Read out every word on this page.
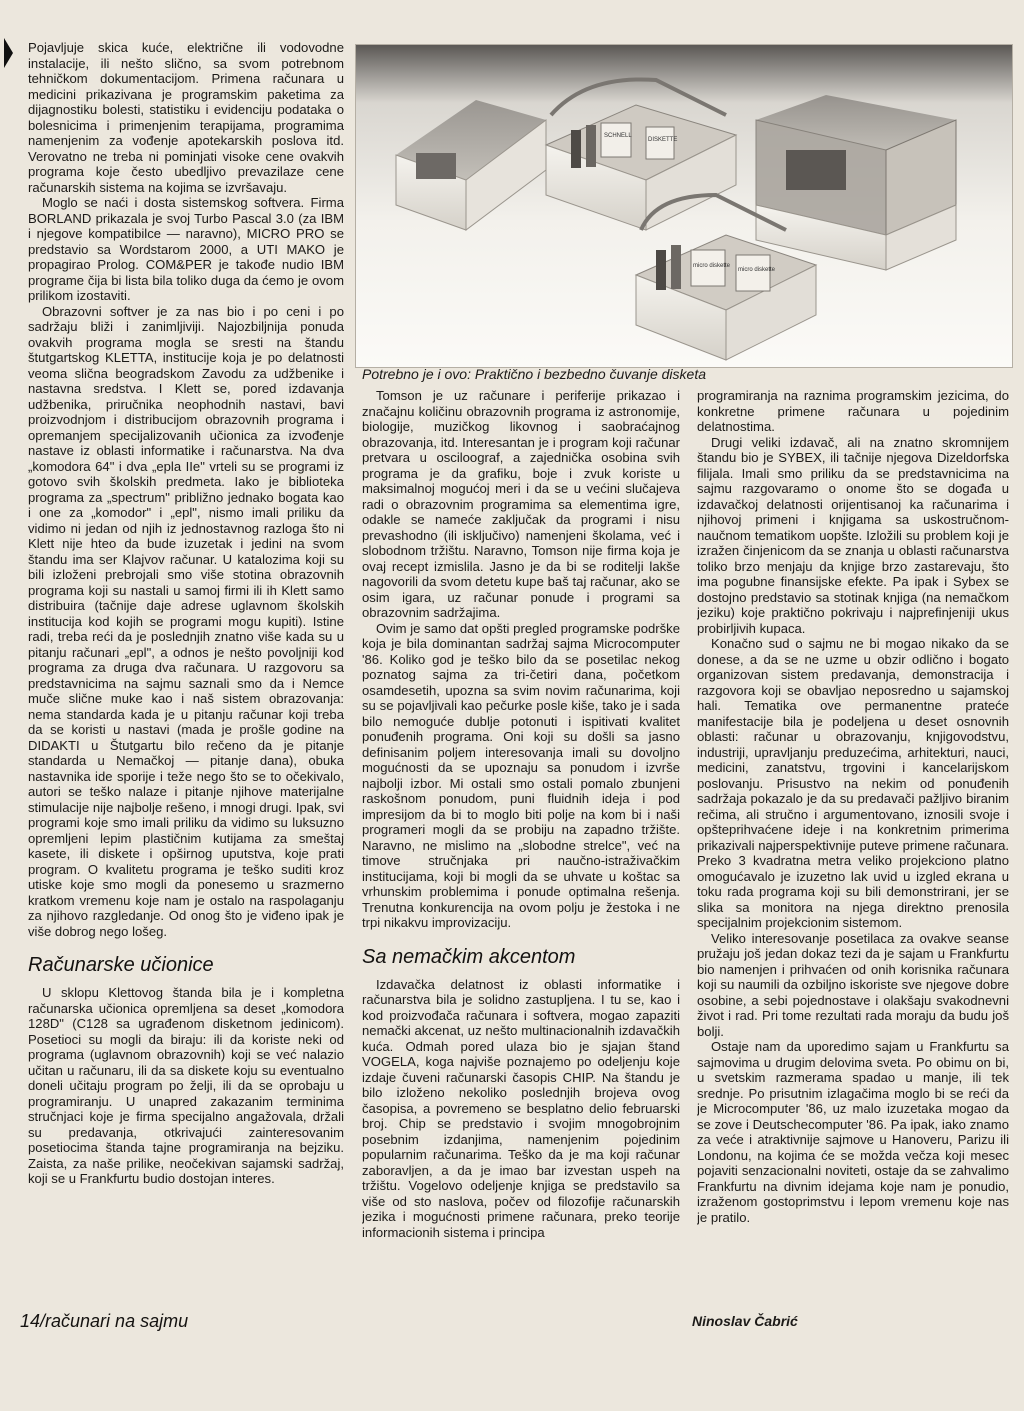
Pojavljuje skica kuće, električne ili vodovodne instalacije, ili nešto slično, sa svom potrebnom tehničkom dokumentacijom. Primena računara u medicini prikazivana je programskim paketima za dijagnostiku bolesti, statistiku i evidenciju podataka o bolesnicima i primenjenim terapijama, programima namenjenim za vođenje apotekarskih poslova itd. Verovatno ne treba ni pominjati visoke cene ovakvih programa koje često ubedljivo prevazilaze cene računarskih sistema na kojima se izvršavaju.

Moglo se naći i dosta sistemskog softvera. Firma BORLAND prikazala je svoj Turbo Pascal 3.0 (za IBM i njegove kompatibilce — naravno), MICRO PRO se predstavio sa Wordstarom 2000, a UTI MAKO je propagirao Prolog. COM&PER je takođe nudio IBM programe čija bi lista bila toliko duga da ćemo je ovom prilikom izostaviti.

Obrazovni softver je za nas bio i po ceni i po sadržaju bliži i zanimljiviji. Najozbiljnija ponuda ovakvih programa mogla se sresti na štandu štutgartskog KLETTA, institucije koja je po delatnosti veoma slična beogradskom Zavodu za udžbenike i nastavna sredstva. I Klett se, pored izdavanja udžbenika, priručnika neophodnih nastavi, bavi proizvodnjom i distribucijom obrazovnih programa i opremanjem specijalizovanih učionica za izvođenje nastave iz oblasti informatike i računarstva. Na dva „komodora 64" i dva „epla IIe" vrteli su se programi iz gotovo svih školskih predmeta. Iako je biblioteka programa za „spectrum" približno jednako bogata kao i one za „komodor" i „epl", nismo imali priliku da vidimo ni jedan od njih iz jednostavnog razloga što ni Klett nije hteo da bude izuzetak i jedini na svom štandu ima ser Klajvov računar. U katalozima koji su bili izloženi prebrojali smo više stotina obrazovnih programa koji su nastali u samoj firmi ili ih Klett samo distribuira (tačnije daje adrese uglavnom školskih institucija kod kojih se programi mogu kupiti). Istine radi, treba reći da je poslednjih znatno više kada su u pitanju računari „epl", a odnos je nešto povoljniji kod programa za druga dva računara. U razgovoru sa predstavnicima na sajmu saznali smo da i Nemce muče slične muke kao i naš sistem obrazovanja: nema standarda kada je u pitanju računar koji treba da se koristi u nastavi (mada je prošle godine na DIDAKTI u Štutgartu bilo rečeno da je pitanje standarda u Nemačkoj — pitanje dana), obuka nastavnika ide sporije i teže nego što se to očekivalo, autori se teško nalaze i pitanje njihove materijalne stimulacije nije najbolje rešeno, i mnogi drugi. Ipak, svi programi koje smo imali priliku da vidimo su luksuzno opremljeni lepim plastičnim kutijama za smeštaj kasete, ili diskete i opširnog uputstva, koje prati program. O kvalitetu programa je teško suditi kroz utiske koje smo mogli da ponesemo u srazmerno kratkom vremenu koje nam je ostalo na raspolaganju za njihovo razgledanje. Od onog što je viđeno ipak je više dobrog nego lošeg.

Računarske učionice

U sklopu Klettovog štanda bila je i kompletna računarska učionica opremljena sa deset „komodora 128D" (C128 sa ugrađenom disketnom jedinicom). Posetioci su mogli da biraju: ili da koriste neki od programa (uglavnom obrazovnih) koji se već nalazio učitan u računaru, ili da sa diskete koju su eventualno doneli učitaju program po želji, ili da se oprobaju u programiranju. U unapred zakazanim terminima stručnjaci koje je firma specijalno angažovala, držali su predavanja, otkrivajući zainteresovanim posetiocima štanda tajne programiranja na bejziku. Zaista, za naše prilike, neočekivan sajamski sadržaj, koji se u Frankfurtu budio dostojan interes.

SCHNELL
DISKETTE
micro diskette
micro diskette
Potrebno je i ovo: Praktično i bezbedno čuvanje disketa

Tomson je uz računare i periferije prikazao i značajnu količinu obrazovnih programa iz astronomije, biologije, muzičkog likovnog i saobraćajnog obrazovanja, itd. Interesantan je i program koji računar pretvara u osciloograf, a zajednička osobina svih programa je da grafiku, boje i zvuk koriste u maksimalnoj mogućoj meri i da se u većini slučajeva radi o obrazovnim programima sa elementima igre, odakle se namеće zaključak da programi i nisu prevashodno (ili isključivo) namenjeni školama, već i slobodnom tržištu. Naravno, Tomson nije firma koja je ovaj recept izmislila. Jasno je da bi se roditelji lakše nagovorili da svom detetu kupe baš taj računar, ako se osim igara, uz računar ponude i programi sa obrazovnim sadržajima.

Ovim je samo dat opšti pregled programske podrške koja je bila dominantan sadržaj sajma Microcomputer '86. Koliko god je teško bilo da se posetilac nekog poznatog sajma za tri-četiri dana, početkom osamdesetih, upozna sa svim novim računarima, koji su se pojavljivali kao pečurke posle kiše, tako je i sada bilo nemoguće dublje potonuti i ispitivati kvalitet ponuđenih programa. Oni koji su došli sa jasno definisanim poljem interesovanja imali su dovoljno mogućnosti da se upoznaju sa ponudom i izvrše najbolji izbor. Mi ostali smo ostali pomalo zbunjeni raskošnom ponudom, puni fluidnih ideja i pod impresijom da bi to moglo biti polje na kom bi i naši programeri mogli da se probiju na zapadno tržište. Naravno, ne mislimo na „slobodne strelce", već na timove stručnjaka pri naučno-istraživačkim institucijama, koji bi mogli da se uhvate u koštac sa vrhunskim problemima i ponude optimalna rešenja. Trenutna konkurencija na ovom polju je žestoka i ne trpi nikakvu improvizaciju.

Sa nemačkim akcentom

Izdavačka delatnost iz oblasti informatike i računarstva bila je solidno zastupljena. I tu se, kao i kod proizvođača računara i softvera, mogao zapaziti nemački akcenat, uz nešto multinacionalnih izdavačkih kuća. Odmah pored ulaza bio je sjajan štand VOGELA, koga najviše poznajemo po odeljenju koje izdaje čuveni računarski časopis CHIP. Na štandu je bilo izloženo nekoliko poslednjih brojeva ovog časopisa, a povremeno se besplatno delio februarski broj. Chip se predstavio i svojim mnogobrojnim posebnim izdanjima, namenjenim pojedinim popularnim računarima. Teško da je ma koji računar zaboravljen, a da je imao bar izvestan uspeh na tržištu. Vogelovo odeljenje knjiga se predstavilo sa više od sto naslova, počev od filozofije računarskih jezika i mogućnosti primene računara, preko teorije informacionih sistema i principa

programiranja na raznima programskim jezicima, do konkretne primene računara u pojedinim delatnostima.

Drugi veliki izdavač, ali na znatno skromnijem štandu bio je SYBEX, ili tačnije njegova Dizeldorfska filijala. Imali smo priliku da se predstavnicima na sajmu razgovaramo o onome što se događa u izdavačkoj delatnosti orijentisanoj ka računarima i njihovoj primeni i knjigama sa uskostručnom-naučnom tematikom uopšte. Izložili su problem koji je izražen činjenicom da se znanja u oblasti računarstva toliko brzo menjaju da knjige brzo zastarevaju, što ima pogubne finansijske efekte. Pa ipak i Sybex se dostojno predstavio sa stotinak knjiga (na nemačkom jeziku) koje praktično pokrivaju i najprefinjeniji ukus probirljivih kupaca.

Konačno sud o sajmu ne bi mogao nikako da se donese, a da se ne uzme u obzir odlično i bogato organizovan sistem predavanja, demonstracija i razgovora koji se obavljao neposredno u sajamskoj hali. Tematika ove permanentne prateće manifestacije bila je podeljena u deset osnovnih oblasti: računar u obrazovanju, knjigovodstvu, industriji, upravljanju preduzećima, arhitekturi, nauci, medicini, zanatstvu, trgovini i kancelarijskom poslovanju. Prisustvo na nekim od ponuđenih sadržaja pokazalo je da su predavači pažljivo biranim rečima, ali stručno i argumentovano, iznosili svoje i opšteprihvaćene ideje i na konkretnim primerima prikazivali najperspektivnije puteve primene računara. Preko 3 kvadratna metra veliko projekciono platno omogućavalo je izuzetno lak uvid u izgled ekrana u toku rada programa koji su bili demonstrirani, jer se slika sa monitora na njega direktno prenosila specijalnim projekcionim sistemom.

Veliko interesovanje posetilaca za ovakve seanse pružaju još jedan dokaz tezi da je sajam u Frankfurtu bio namenjen i prihvaćen od onih korisnika računara koji su naumili da ozbiljno iskoriste sve njegove dobre osobine, a sebi pojednostave i olakšaju svakodnevni život i rad. Pri tome rezultati rada moraju da budu još bolji.

Ostaje nam da uporedimo sajam u Frankfurtu sa sajmovima u drugim delovima sveta. Po obimu on bi, u svetskim razmerama spadao u manje, ili tek srednje. Po prisutnim izlagačima moglo bi se reći da je Microcomputer '86, uz malo izuzetaka mogao da se zove i Deutschecomputer '86. Pa ipak, iako znamo za veće i atraktivnije sajmove u Hanoveru, Parizu ili Londonu, na kojima će se možda večza koji mesec pojaviti senzacionalni noviteti, ostaje da se zahvalimo Frankfurtu na divnim idejama koje nam je ponudio, izraženom gostoprimstvu i lepom vremenu koje nas je pratilo.

14/računari na sajmu	Ninoslav Čabrić
